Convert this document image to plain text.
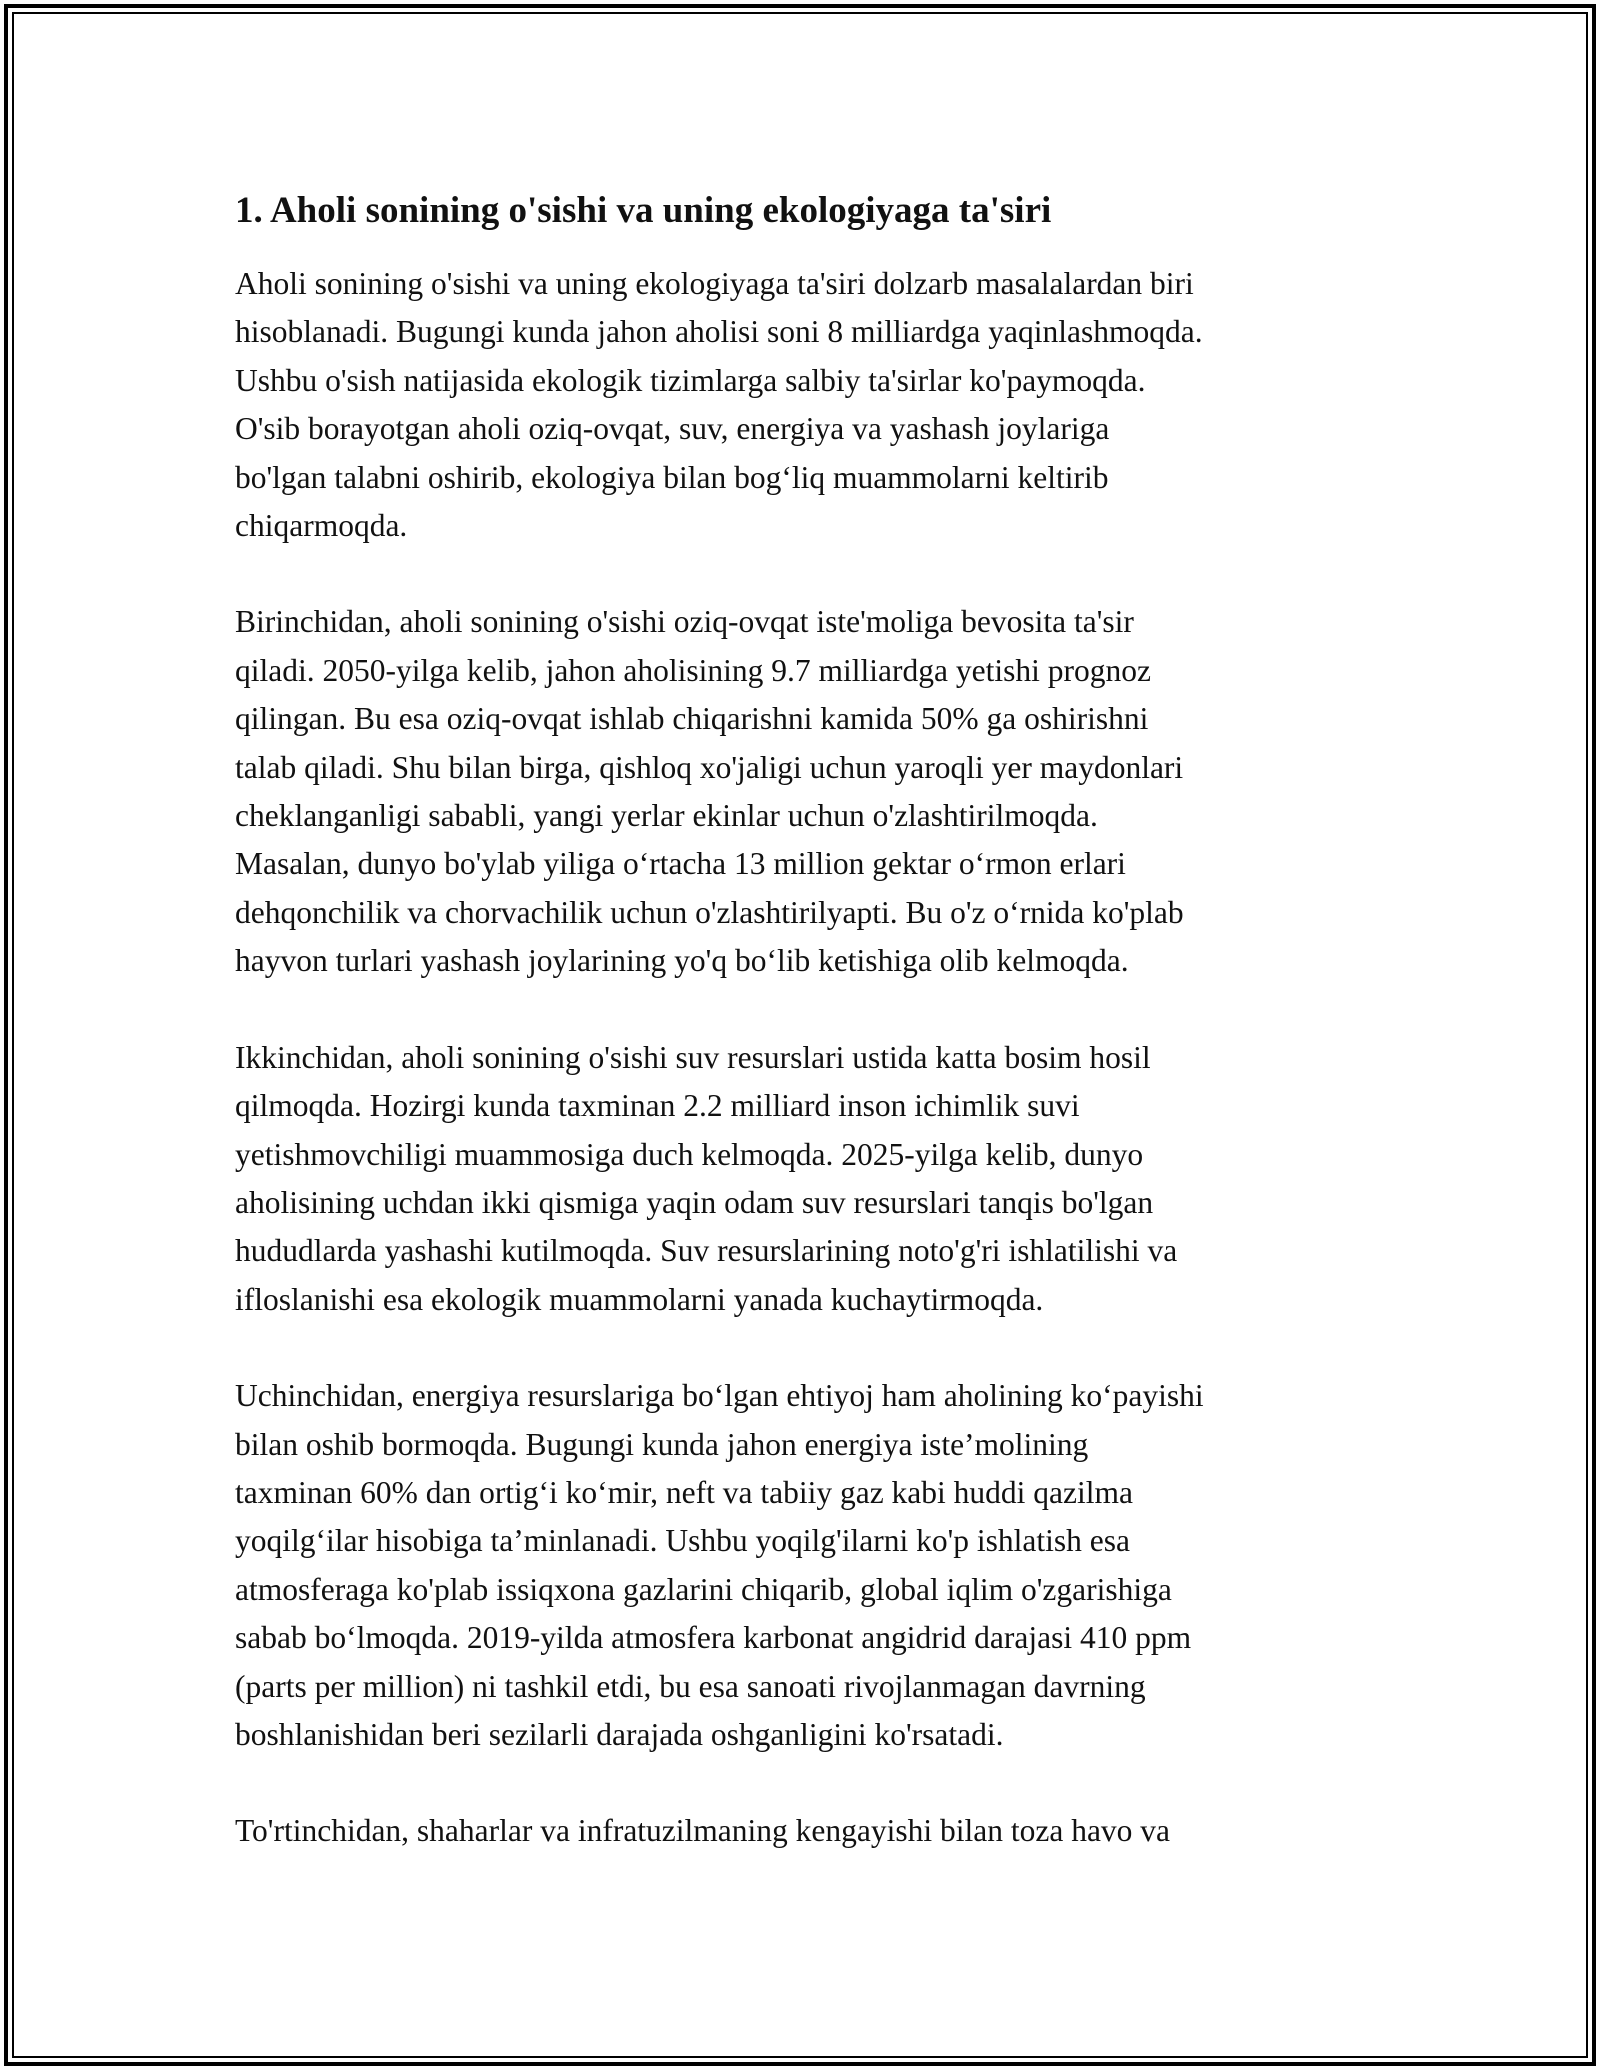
1. Aholi sonining o'sishi va uning ekologiyaga ta'siri
Aholi sonining o'sishi va uning ekologiyaga ta'siri dolzarb masalalardan biri
hisoblanadi. Bugungi kunda jahon aholisi soni 8 milliardga yaqinlashmoqda.
Ushbu o'sish natijasida ekologik tizimlarga salbiy ta'sirlar ko'paymoqda.
O'sib borayotgan aholi oziq-ovqat, suv, energiya va yashash joylariga
bo'lgan talabni oshirib, ekologiya bilan bog‘liq muammolarni keltirib
chiqarmoqda.
Birinchidan, aholi sonining o'sishi oziq-ovqat iste'moliga bevosita ta'sir
qiladi. 2050-yilga kelib, jahon aholisining 9.7 milliardga yetishi prognoz
qilingan. Bu esa oziq-ovqat ishlab chiqarishni kamida 50% ga oshirishni
talab qiladi. Shu bilan birga, qishloq xo'jaligi uchun yaroqli yer maydonlari
cheklanganligi sababli, yangi yerlar ekinlar uchun o'zlashtirilmoqda.
Masalan, dunyo bo'ylab yiliga o‘rtacha 13 million gektar o‘rmon erlari
dehqonchilik va chorvachilik uchun o'zlashtirilyapti. Bu o'z o‘rnida ko'plab
hayvon turlari yashash joylarining yo'q bo‘lib ketishiga olib kelmoqda.
Ikkinchidan, aholi sonining o'sishi suv resurslari ustida katta bosim hosil
qilmoqda. Hozirgi kunda taxminan 2.2 milliard inson ichimlik suvi
yetishmovchiligi muammosiga duch kelmoqda. 2025-yilga kelib, dunyo
aholisining uchdan ikki qismiga yaqin odam suv resurslari tanqis bo'lgan
hududlarda yashashi kutilmoqda. Suv resurslarining noto'g'ri ishlatilishi va
ifloslanishi esa ekologik muammolarni yanada kuchaytirmoqda.
Uchinchidan, energiya resurslariga bo‘lgan ehtiyoj ham aholining ko‘payishi
bilan oshib bormoqda. Bugungi kunda jahon energiya iste’molining
taxminan 60% dan ortig‘i ko‘mir, neft va tabiiy gaz kabi huddi qazilma
yoqilg‘ilar hisobiga ta’minlanadi. Ushbu yoqilg'ilarni ko'p ishlatish esa
atmosferaga ko'plab issiqxona gazlarini chiqarib, global iqlim o'zgarishiga
sabab bo‘lmoqda. 2019-yilda atmosfera karbonat angidrid darajasi 410 ppm
(parts per million) ni tashkil etdi, bu esa sanoati rivojlanmagan davrning
boshlanishidan beri sezilarli darajada oshganligini ko'rsatadi.
To'rtinchidan, shaharlar va infratuzilmaning kengayishi bilan toza havo va
